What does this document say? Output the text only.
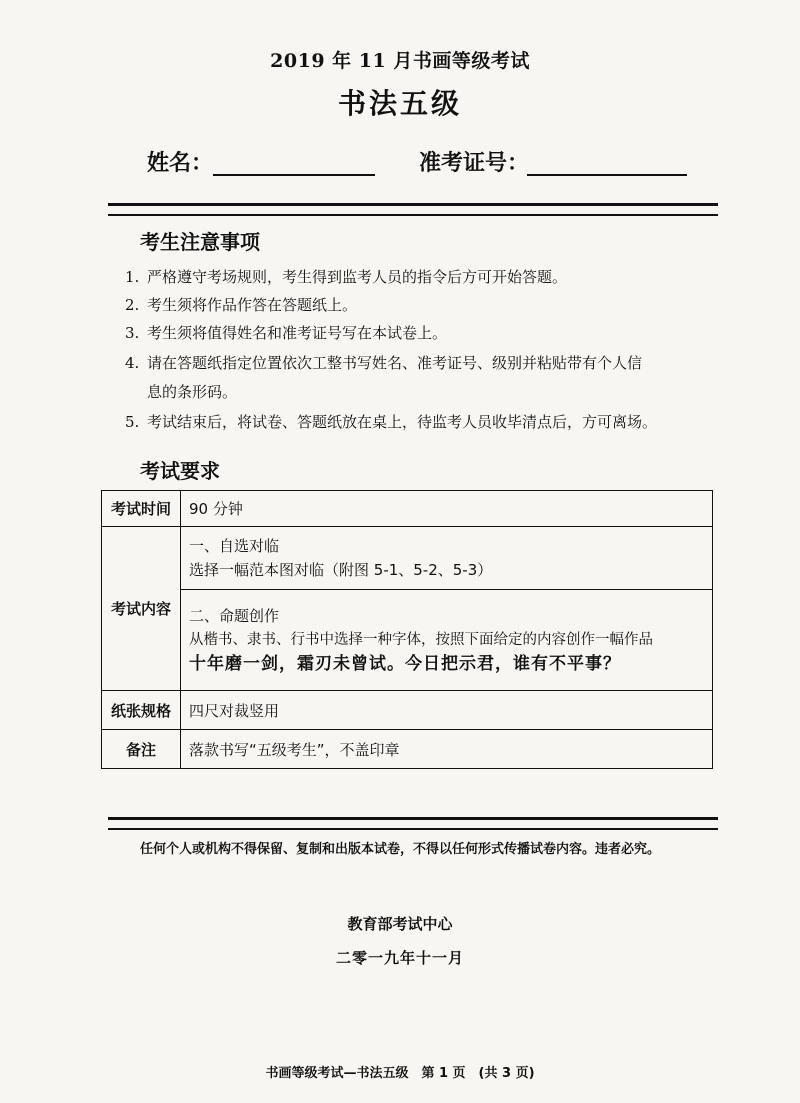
2019 年 11 月书画等级考试
书法五级
姓名：	准考证号：
考生注意事项
1. 严格遵守考场规则，考生得到监考人员的指令后方可开始答题。
2. 考生须将作品作答在答题纸上。
3. 考生须将值得姓名和准考证号写在本试卷上。
4. 请在答题纸指定位置依次工整书写姓名、准考证号、级别并粘贴带有个人信
息的条形码。
5. 考试结束后，将试卷、答题纸放在桌上，待监考人员收毕清点后，方可离场。
考试要求
考试时间	90 分钟
考试内容	一、自选对临
选择一幅范本图对临（附图 5-1、5-2、5-3）

	二、命题创作
从楷书、隶书、行书中选择一种字体，按照下面给定的内容创作一幅作品
十年磨一剑，霜刃未曾试。今日把示君，谁有不平事？

纸张规格	四尺对裁竖用
备注	落款书写“五级考生”，不盖印章
任何个人或机构不得保留、复制和出版本试卷，不得以任何形式传播试卷内容。违者必究。
教育部考试中心
二零一九年十一月
书画等级考试—书法五级　第 1 页　(共 3 页)
